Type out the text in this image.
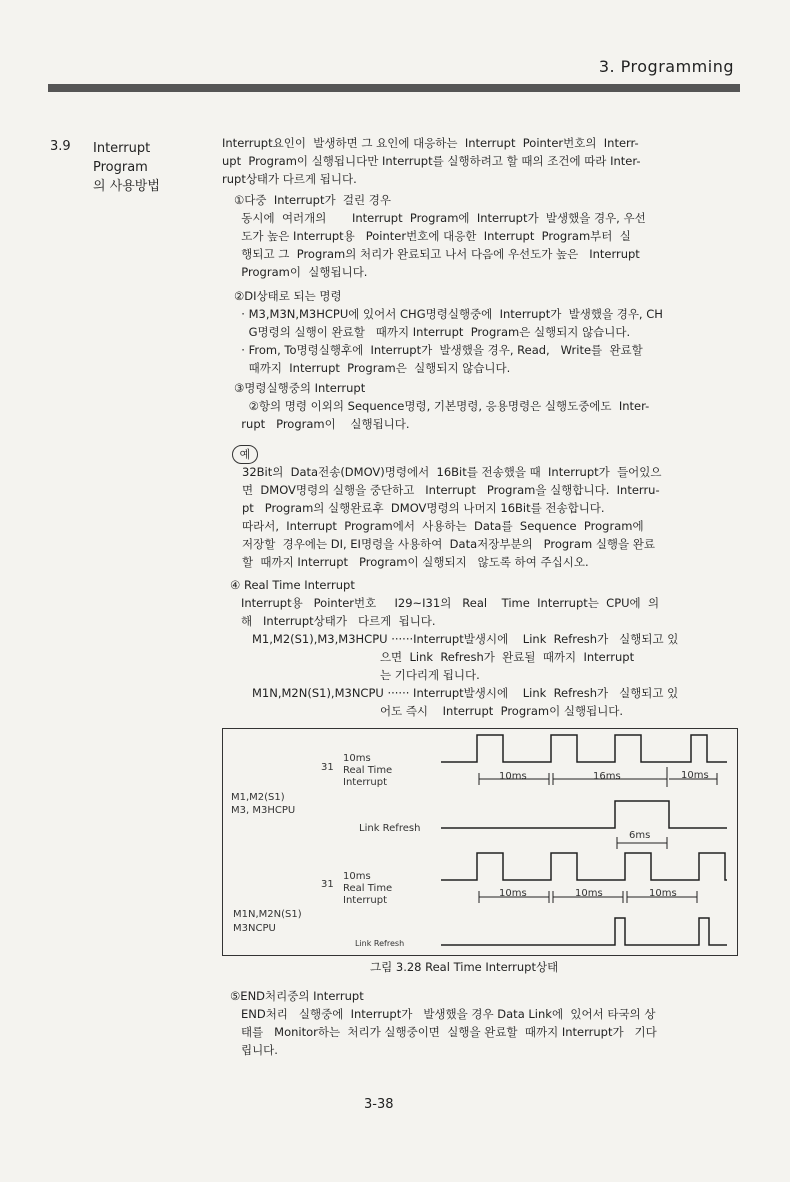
3. Programming
3.9 Interrupt
Program
의 사용방법
Interrupt요인이  발생하면 그 요인에 대응하는  Interrupt  Pointer번호의  Interr-
upt  Program이 실행됩니다만 Interrupt를 실행하려고 할 때의 조건에 따라 Inter-
rupt상태가 다르게 됩니다.
①다중  Interrupt가  걸린 경우
동시에  여러개의       Interrupt  Program에  Interrupt가  발생했을 경우, 우선
도가 높은 Interrupt용   Pointer번호에 대응한  Interrupt  Program부터  실
행되고 그  Program의 처리가 완료되고 나서 다음에 우선도가 높은   Interrupt
Program이  실행됩니다.
②DI상태로 되는 명령
· M3,M3N,M3HCPU에 있어서 CHG명령실행중에  Interrupt가  발생했을 경우, CH
G명령의 실행이 완료할   때까지 Interrupt  Program은 실행되지 않습니다.
· From, To명령실행후에  Interrupt가  발생했을 경우, Read,   Write를  완료할
때까지  Interrupt  Program은  실행되지 않습니다.
③명령실행중의 Interrupt
②항의 명령 이외의 Sequence명령, 기본명령, 응용명령은 실행도중에도  Inter-
rupt   Program이    실행됩니다.
32Bit의  Data전송(DMOV)명령에서  16Bit를 전송했을 때  Interrupt가  들어있으
면  DMOV명령의 실행을 중단하고   Interrupt   Program을 실행합니다.  Interru-
pt   Program의 실행완료후  DMOV명령의 나머지 16Bit를 전송합니다.
따라서,  Interrupt  Program에서  사용하는  Data를  Sequence  Program에
저장할  경우에는 DI, EI명령을 사용하여  Data저장부분의   Program 실행을 완료
할  때까지 Interrupt   Program이 실행되지   않도록 하여 주십시오.
④ Real Time Interrupt
Interrupt용   Pointer번호     I29~I31의   Real    Time  Interrupt는  CPU에  의
해   Interrupt상태가   다르게  됩니다.
M1,M2(S1),M3,M3HCPU ······Interrupt발생시에    Link  Refresh가   실행되고 있
으면  Link  Refresh가  완료될  때까지  Interrupt
는 기다리게 됩니다.
M1N,M2N(S1),M3NCPU ······ Interrupt발생시에    Link  Refresh가   실행되고 있
어도 즉시    Interrupt  Program이 실행됩니다.
⑤END처리중의 Interrupt
END처리   실행중에  Interrupt가   발생했을 경우 Data Link에  있어서 타국의 상
태를   Monitor하는  처리가 실행중이면  실행을 완료할  때까지 Interrupt가   기다
립니다.
예
31
10ms
Real Time
Interrupt
10ms	16ms	10ms
M1,M2(S1)
M3, M3HCPU
Link Refresh
6ms
31
10ms
Real Time
Interrupt
10ms	10ms	10ms
M1N,M2N(S1)
M3NCPU
Link Refresh
그림 3.28 Real Time Interrupt상태
3-38
